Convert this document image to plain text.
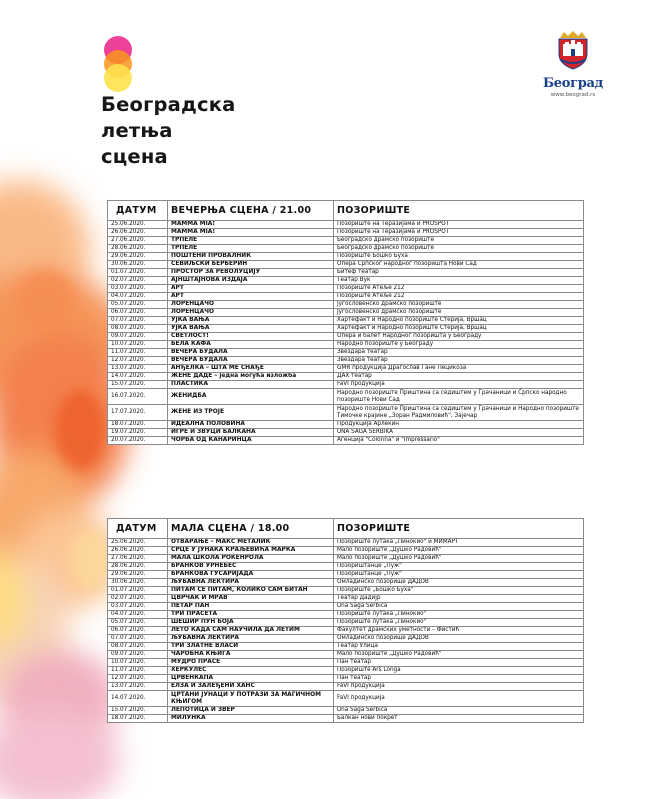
Београдска
летња
сцена
Београд
www.beograd.rs
ДАТУМ	ВЕЧЕРЊА СЦЕНА / 21.00	ПОЗОРИШТЕ
25.06.2020.	MAMMA MIA!	Позориште на Теразијама и PROSPOT
26.06.2020.	MAMMA MIA!	Позориште на Теразијама и PROSPOT
27.06.2020.	ТРПЕЛЕ	Београдско драмско позориште
28.06.2020.	ТРПЕЛЕ	Београдско драмско позориште
29.06.2020.	ПОШТЕНИ ПРОВАЛНИК	Позориште Бошко Буха
30.06.2020.	СЕВИЉСКИ БЕРБЕРИН	Опера Српског народног позоришта Нови Сад
01.07.2020.	ПРОСТОР ЗА РЕВОЛУЦИЈУ	Битеф театар
02.07.2020.	АЈНШТАЈНОВА ИЗДАЈА	Театар Вук
03.07.2020.	АРТ	Позориште Атеље 212
04.07.2020.	АРТ	Позориште Атеље 212
05.07.2020.	ЛОРЕНЦАЧО	Југословенско драмско позориште
06.07.2020.	ЛОРЕНЦАЧО	Југословенско драмско позориште
07.07.2020.	УЈКА ВАЊА	Хартефакт и Народно позориште Стерија, Вршац
08.07.2020.	УЈКА ВАЊА	Хартефакт и Народно позориште Стерија, Вршац
09.07.2020.	СВЕТЛОСТ!	Опера и балет Народног позоришта у Београду
10.07.2020.	БЕЛА КАФА	Народно позориште у Београду
11.07.2020.	ВЕЧЕРА БУДАЛА	Звездара театар
12.07.2020.	ВЕЧЕРА БУДАЛА	Звездара театар
13.07.2020.	АНЂЕЛКА – ШТА МЕ СНАЂЕ	GMR продукција Драгослав Гане Пецикоза
14.07.2020.	ЖЕНЕ ДАДЕ – једна могућа изложба	ДАХ театар
15.07.2020.	ПЛАСТИКА	FaVI продукција
16.07.2020.	ЖЕНИДБА	Народно позориште Приштина са седиштем у Грачаници и Српско народно позориште Нови Сад
17.07.2020.	ЖЕНЕ ИЗ ТРОЈЕ	Народно позориште Приштина са седиштем у Грачаници и Народно позориште Тимочке крајине „Зоран Радмиловић", Зајечар
18.07.2020.	ИДЕАЛНА ПОЛОВИНА	Продукција Арлекин
19.07.2020.	ИГРЕ И ЗВУЦИ БАЛКАНА	UNA SAGA SERBIKA
20.07.2020.	ЧОРБА ОД КАНАРИНЦА	Агенција "Colonna" и "Impressario"
ДАТУМ	МАЛА СЦЕНА / 18.00	ПОЗОРИШТЕ
25.06.2020.	ОТВАРАЊЕ – МАКС МЕТАЛИК	Позориште лутака „Пинокио" и МИМАРТ
26.06.2020.	СРЦЕ У ЈУНАКА КРАЉЕВИЋА МАРКА	Мало позориште „Душко Радовић"
27.06.2020.	МАЛА ШКОЛА РОКЕНРОЛА	Мало позориште „Душко Радовић"
28.06.2020.	БРАНКОВ УРНЕБЕС	Позориштанце „Пуж"
29.06.2020.	БРАНКОВА ГУСАРИЈАДА	Позориштанце „Пуж"
30.06.2020.	ЉУБАВНА ЛЕКТИРА	Омладинско позорише ДАДОВ
01.07.2020.	ПИТАМ СЕ ПИТАМ, КОЛИКО САМ БИТАН	Позориште „Бошко Буха"
02.07.2020.	ЦВРЧАК И МРАВ	Театар Дадиjр
03.07.2020.	ПЕТАР ПАН	Una Saga Serbica
04.07.2020.	ТРИ ПРАСЕТА	Позориште лутака „Пинокио"
05.07.2020.	ШЕШИР ПУН БОЈА	Позориште лутака „Пинокио"
06.07.2020.	ЛЕТО КАДА САМ НАУЧИЛА ДА ЛЕТИМ	Факултет драмских уметности – Фистић
07.07.2020.	ЉУБАВНА ЛЕКТИРА	Омладинско позорише ДАДОВ
08.07.2020.	ТРИ ЗЛАТНЕ ВЛАСИ	Театар Улица
09.07.2020.	ЧАРОБНА КЊИГА	Мало позориште „Душко Радовић"
10.07.2020.	МУДРО ПРАСЕ	Пан театар
11.07.2020.	ХЕРКУЛЕС	Позориште Ars Longa
12.07.2020.	ЦРВЕНКАПА	Пан театар
13.07.2020.	ЕЛЗА И ЗАЛЕЂЕНИ ХАНС	FaVI продукција
14.07.2020.	ЦРТАНИ ЈУНАЦИ У ПОТРАЗИ ЗА МАГИЧНОМ КЊИГОМ	FaVI продукција
15.07.2020.	ЛЕПОТИЦА И ЗВЕР	Una Saga Serbica
18.07.2020.	МИЛУНКА	Балкан нови покрет
